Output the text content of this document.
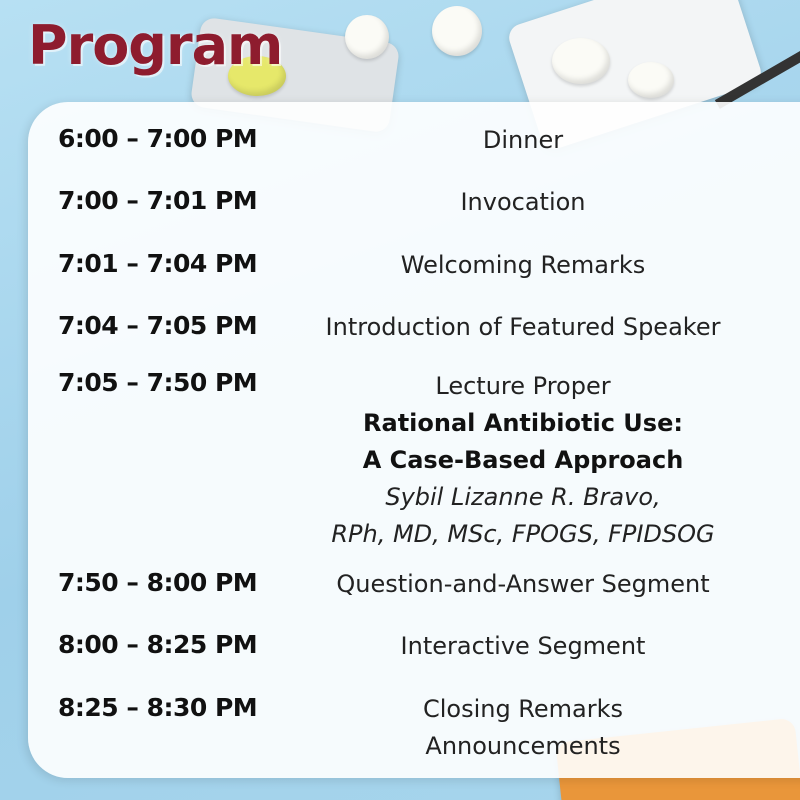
Program
6:00 – 7:00 PM	Dinner
7:00 – 7:01 PM	Invocation
7:01 – 7:04 PM	Welcoming Remarks
7:04 – 7:05 PM	Introduction of Featured Speaker
7:05 – 7:50 PM	Lecture Proper
Rational Antibiotic Use:
A Case-Based Approach
Sybil Lizanne R. Bravo,
RPh, MD, MSc, FPOGS, FPIDSOG
7:50 – 8:00 PM	Question-and-Answer Segment
8:00 – 8:25 PM	Interactive Segment
8:25 – 8:30 PM	Closing Remarks
Announcements
